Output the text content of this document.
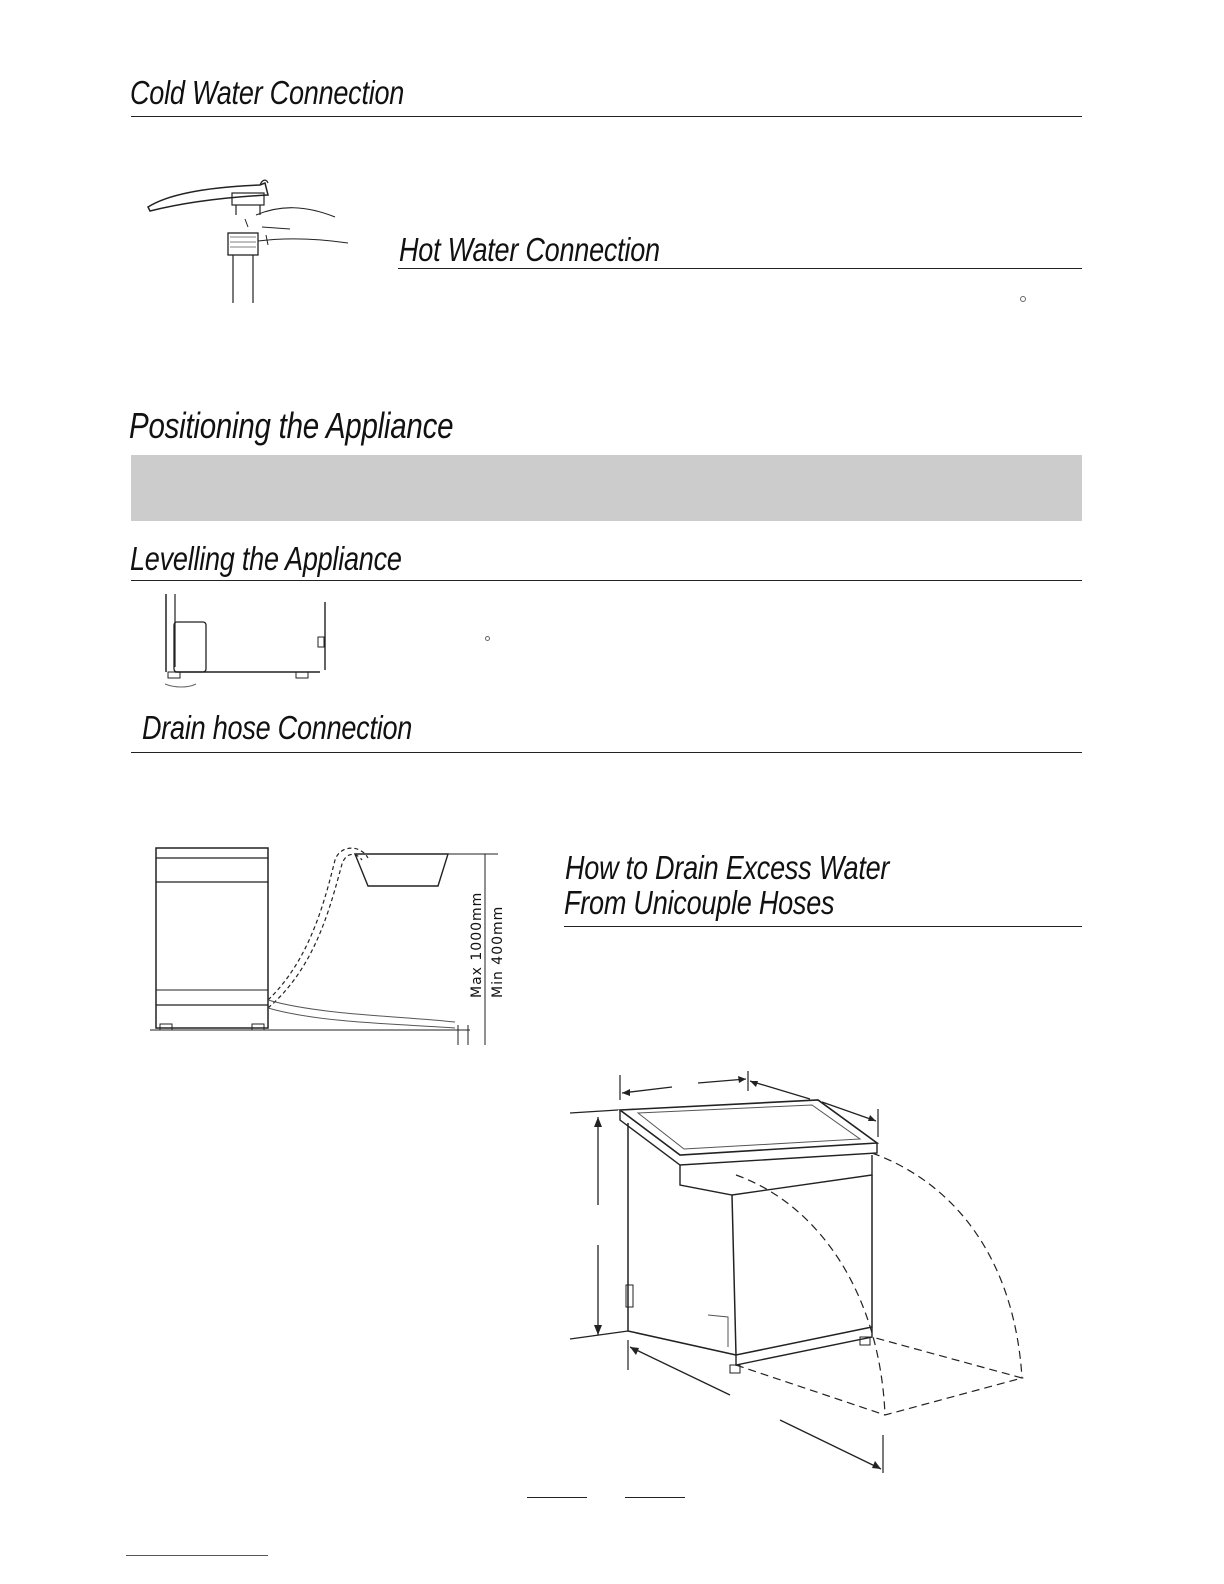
Cold Water Connection
Hot Water Connection
Positioning the Appliance
Levelling the Appliance
Drain hose Connection
Max 1000mm Min 400mm
How to Drain Excess Water
From Unicouple Hoses
